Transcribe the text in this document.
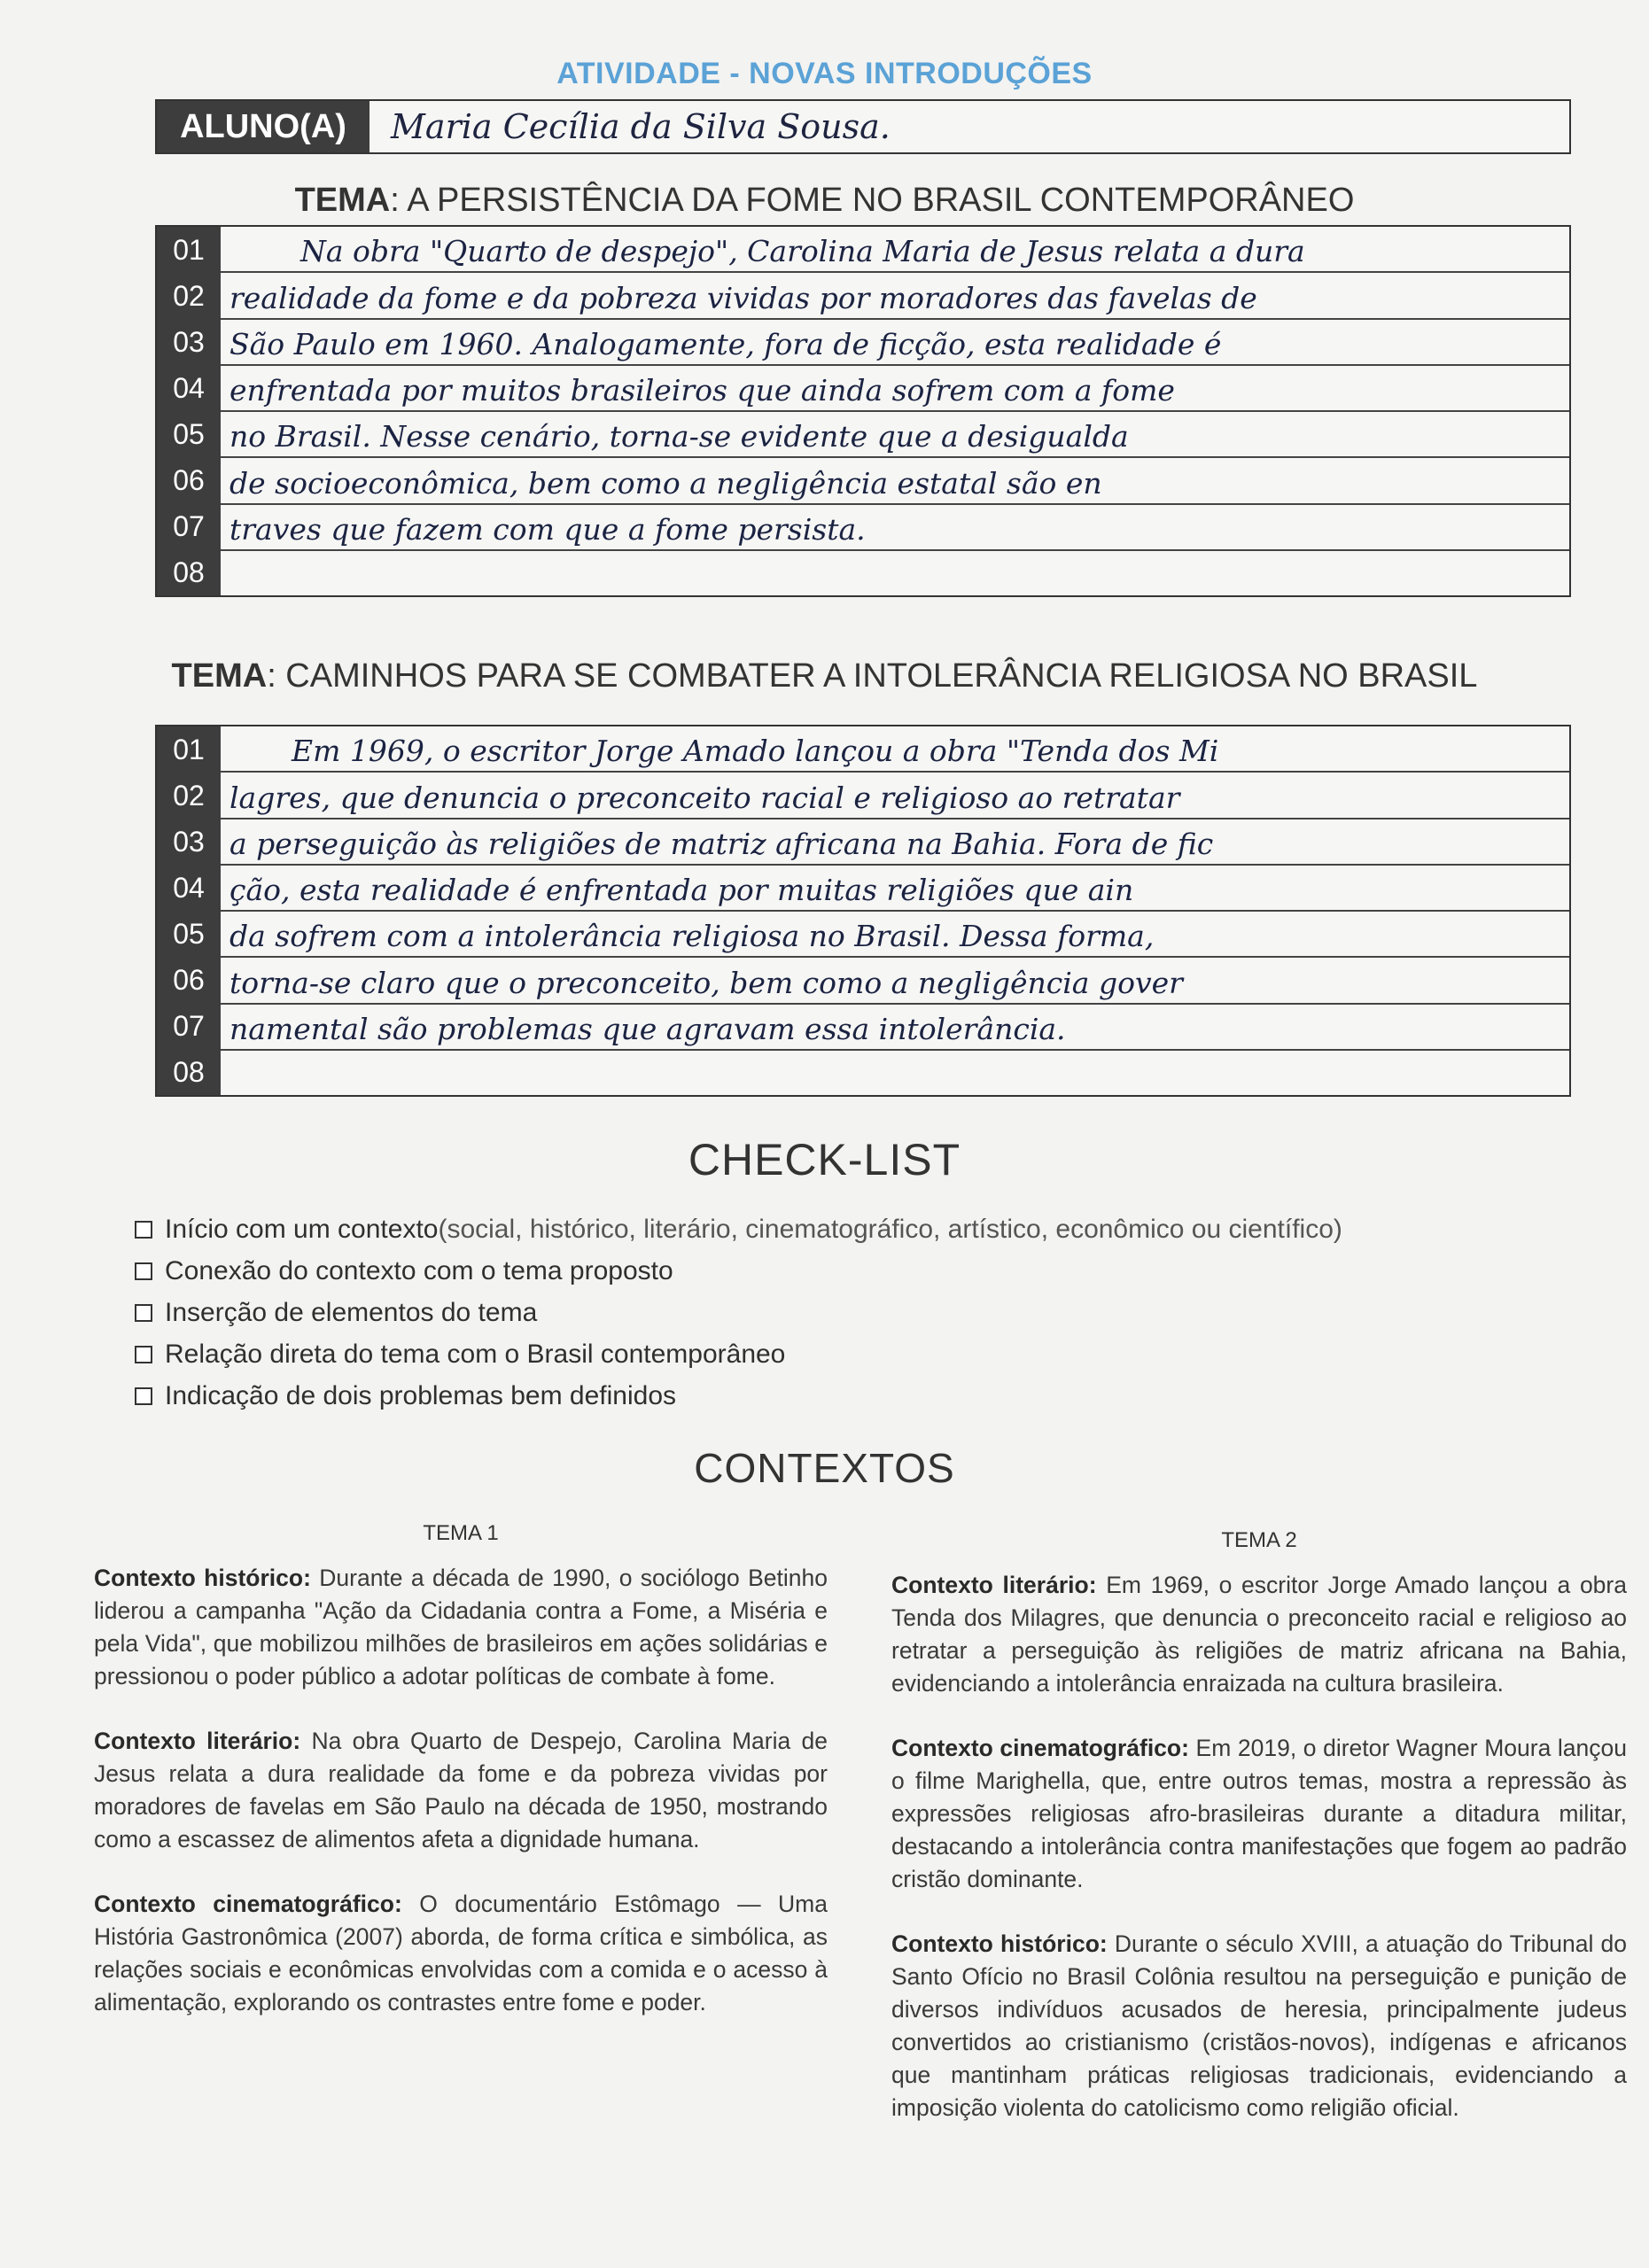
ATIVIDADE - NOVAS INTRODUÇÕES
ALUNO(A)	Maria Cecília da Silva Sousa.
TEMA: A PERSISTÊNCIA DA FOME NO BRASIL CONTEMPORÂNEO
01
02
03
04
05
06
07
08
Na obra "Quarto de despejo", Carolina Maria de Jesus relata a dura
realidade da fome e da pobreza vividas por moradores das favelas de
São Paulo em 1960. Analogamente, fora de ficção, esta realidade é
enfrentada por muitos brasileiros que ainda sofrem com a fome
no Brasil. Nesse cenário, torna-se evidente que a desigualda
de socioeconômica, bem como a negligência estatal são en
traves que fazem com que a fome persista.
TEMA: CAMINHOS PARA SE COMBATER A INTOLERÂNCIA RELIGIOSA NO BRASIL
01
02
03
04
05
06
07
08
Em 1969, o escritor Jorge Amado lançou a obra "Tenda dos Mi
lagres, que denuncia o preconceito racial e religioso ao retratar
a perseguição às religiões de matriz africana na Bahia. Fora de fic
ção, esta realidade é enfrentada por muitas religiões que ain
da sofrem com a intolerância religiosa no Brasil. Dessa forma,
torna-se claro que o preconceito, bem como a negligência gover
namental são problemas que agravam essa intolerância.
CHECK-LIST
Início com um contexto (social, histórico, literário, cinematográfico, artístico, econômico ou científico)
Conexão do contexto com o tema proposto
Inserção de elementos do tema
Relação direta do tema com o Brasil contemporâneo
Indicação de dois problemas bem definidos
CONTEXTOS
TEMA 1
Contexto histórico: Durante a década de 1990, o sociólogo Betinho liderou a campanha "Ação da Cidadania contra a Fome, a Miséria e pela Vida", que mobilizou milhões de brasileiros em ações solidárias e pressionou o poder público a adotar políticas de combate à fome.
Contexto literário: Na obra Quarto de Despejo, Carolina Maria de Jesus relata a dura realidade da fome e da pobreza vividas por moradores de favelas em São Paulo na década de 1950, mostrando como a escassez de alimentos afeta a dignidade humana.
Contexto cinematográfico: O documentário Estômago — Uma História Gastronômica (2007) aborda, de forma crítica e simbólica, as relações sociais e econômicas envolvidas com a comida e o acesso à alimentação, explorando os contrastes entre fome e poder.
TEMA 2
Contexto literário: Em 1969, o escritor Jorge Amado lançou a obra Tenda dos Milagres, que denuncia o preconceito racial e religioso ao retratar a perseguição às religiões de matriz africana na Bahia, evidenciando a intolerância enraizada na cultura brasileira.
Contexto cinematográfico: Em 2019, o diretor Wagner Moura lançou o filme Marighella, que, entre outros temas, mostra a repressão às expressões religiosas afro-brasileiras durante a ditadura militar, destacando a intolerância contra manifestações que fogem ao padrão cristão dominante.
Contexto histórico: Durante o século XVIII, a atuação do Tribunal do Santo Ofício no Brasil Colônia resultou na perseguição e punição de diversos indivíduos acusados de heresia, principalmente judeus convertidos ao cristianismo (cristãos-novos), indígenas e africanos que mantinham práticas religiosas tradicionais, evidenciando a imposição violenta do catolicismo como religião oficial.
